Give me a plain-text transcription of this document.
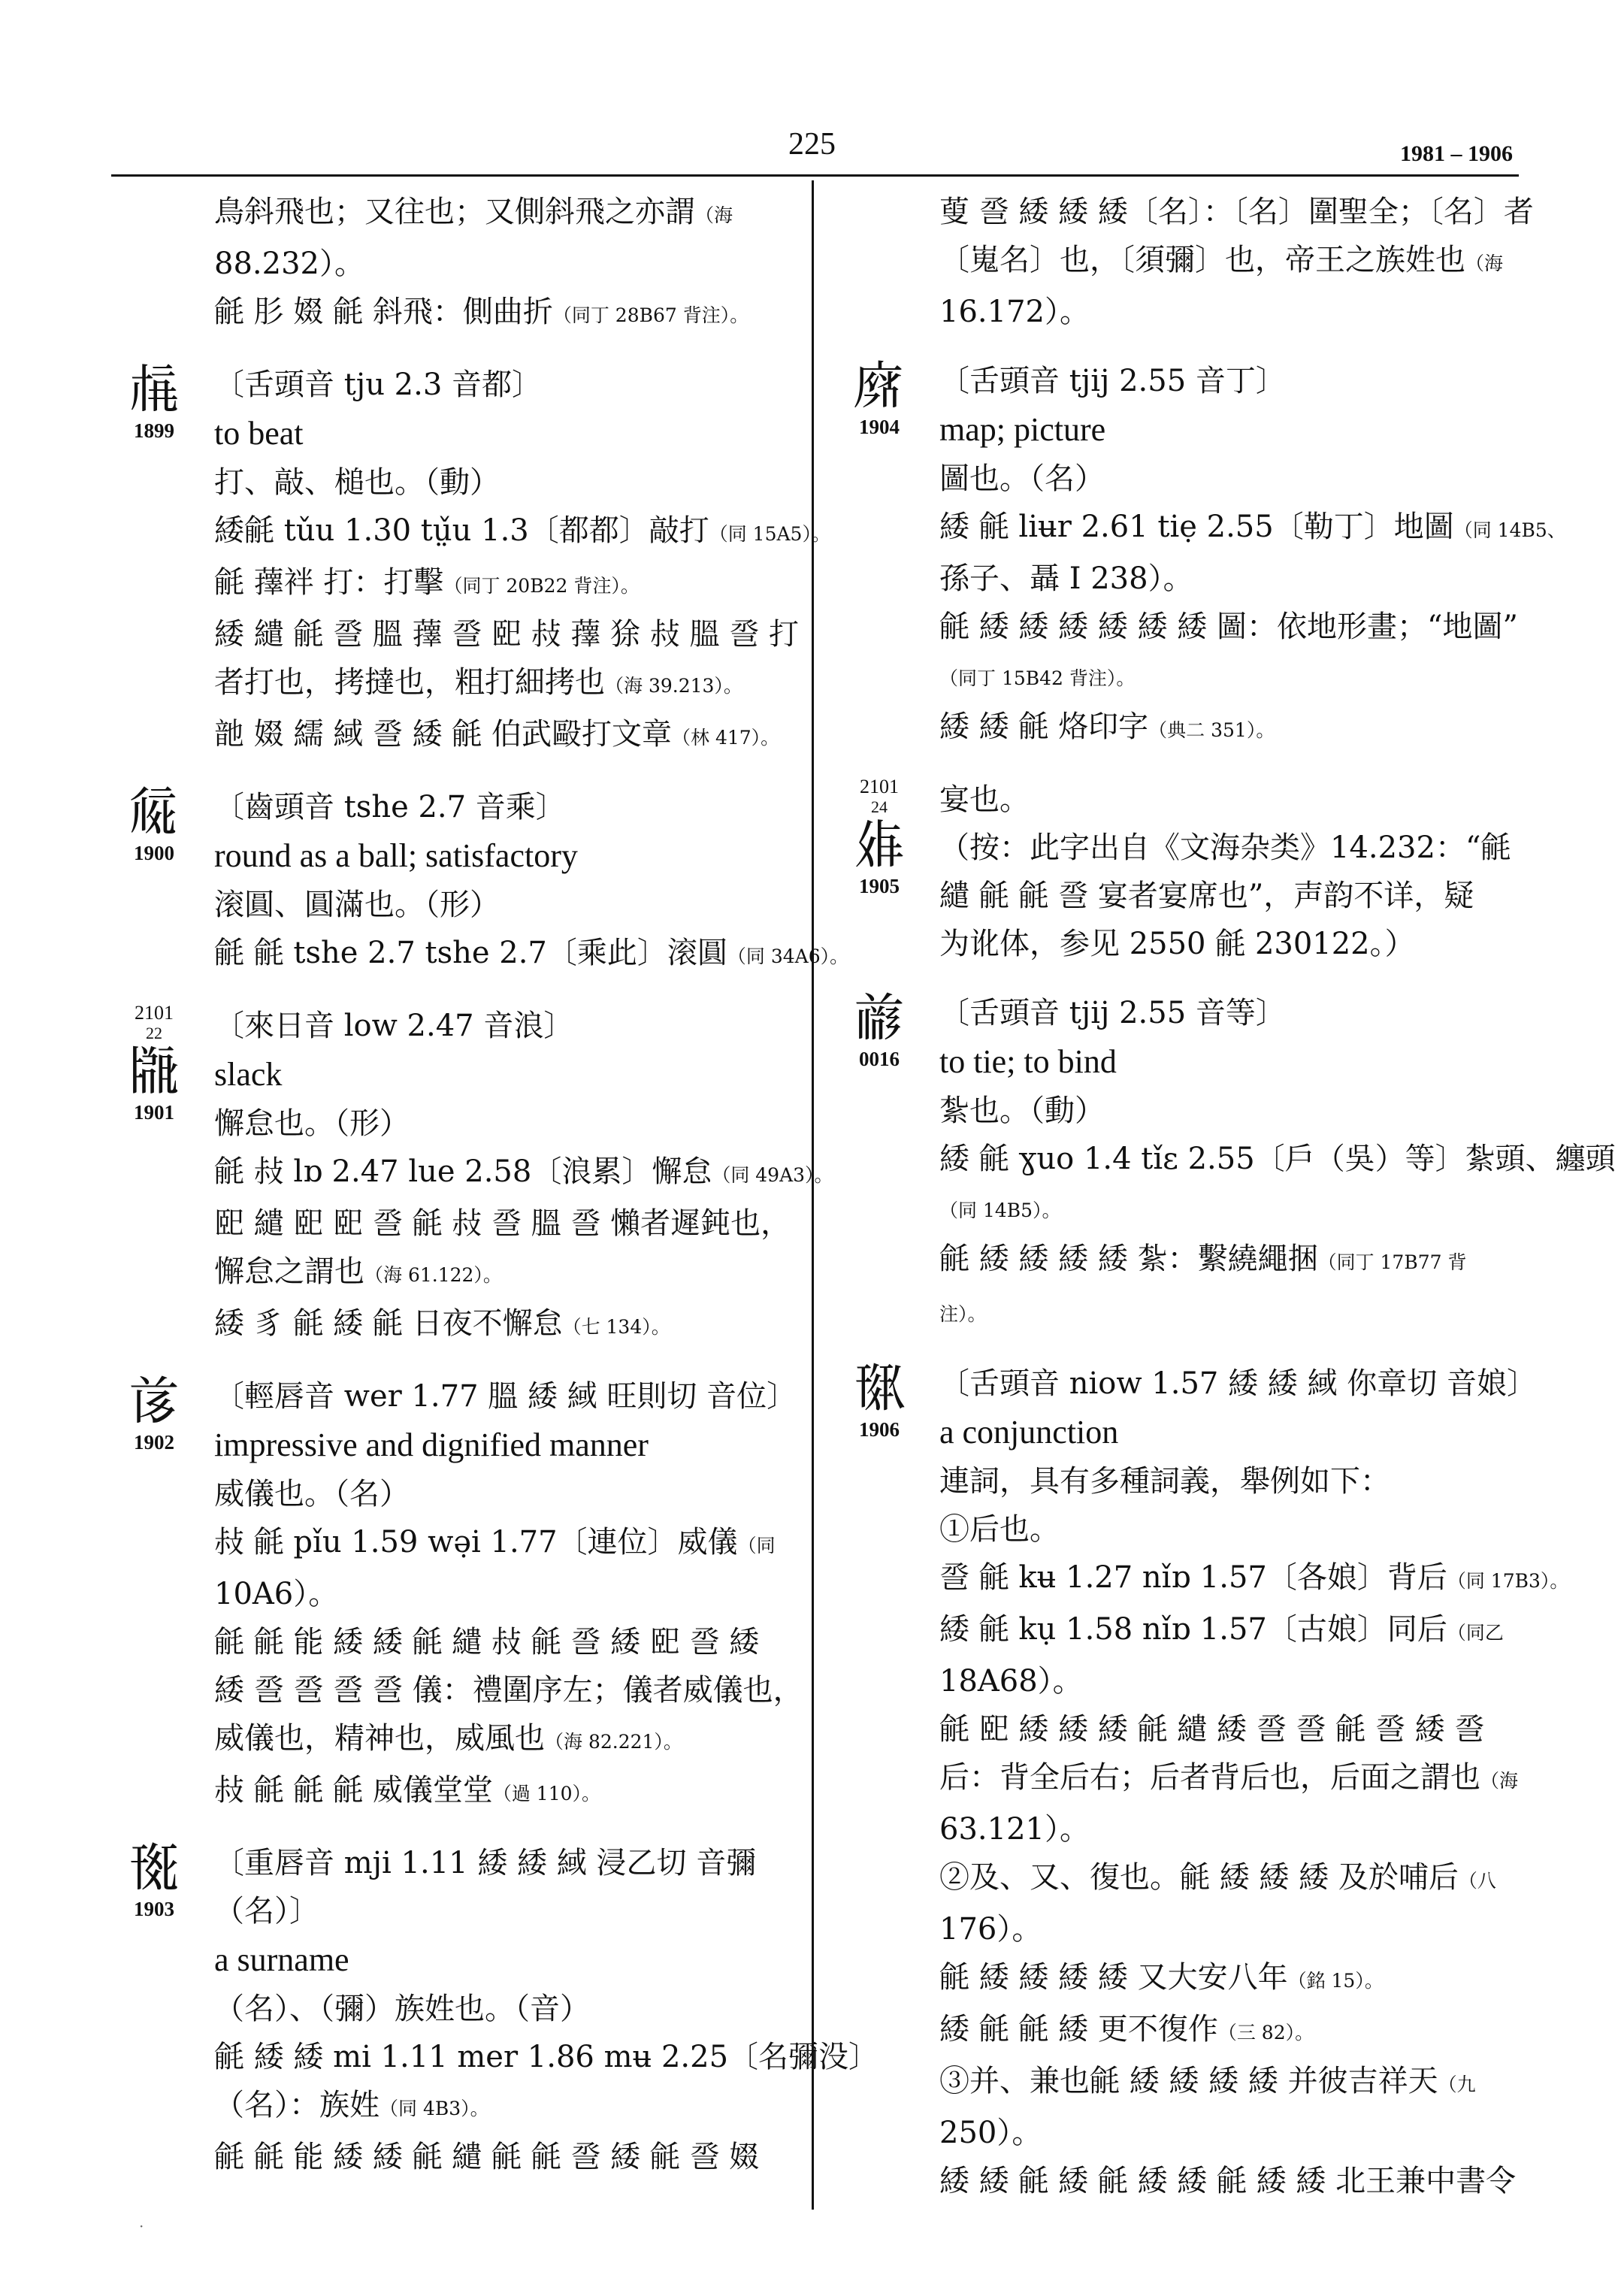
225	1981 – 1906
鳥斜飛也；又往也；又側斜飛之亦謂（海
88.232）。
毹 肜 娺 毹 斜飛：側曲折（同丁 28B67 背注）。
𗍫
1899
〔舌頭音 tju 2.3 音都〕
to beat
打、敲、槌也。（動）
緌毹 tǔu 1.30 tṳ̌u 1.3〔都都〕敲打（同 15A5）。
毹 蘀袢 打：打擊（同丁 20B22 背注）。
緌 繾 毹 巹 膃 蘀 巹 巸 敊 蘀 狳 敊 膃 巹 打
者打也，拷撻也，粗打細拷也（海 39.213）。
䪧 娺 繻 緎 巹 緌 毹 伯武毆打文章（林 417）。
𗏁
1900
〔齒頭音 tshe 2.7 音乘〕
round as a ball; satisfactory
滚圓、圓滿也。（形）
毹 毹 tshe 2.7 tshe 2.7〔乘此〕滚圓（同 34A6）。
2101
22
𗎰
1901
〔來日音 low 2.47 音浪〕
slack
懈怠也。（形）
毹 敊 lɒ 2.47 lue 2.58〔浪累〕懈怠（同 49A3）。
巸 繾 巸 巸 巹 毹 敊 巹 膃 巹 懶者遲鈍也，
懈怠之謂也（海 61.122）。
緌 豸 毹 緌 毹 日夜不懈怠（七 134）。
𗐪
1902
〔輕唇音 wer 1.77 膃 緌 緎 旺則切 音位〕
impressive and dignified manner
威儀也。（名）
敊 毹 pǐu 1.59 wə̣i 1.77〔連位〕威儀（同
10A6）。
毹 毹 能 緌 緌 毹 繾 敊 毹 巹 緌 巸 巹 緌
緌 巹 巹 巹 巹 儀：禮圍序左；儀者威儀也，
威儀也，精神也，威風也（海 82.221）。
敊 毹 毹 毹 威儀堂堂（過 110）。
𗍊
1903
〔重唇音 mji 1.11 緌 緌 緎 浸乙切 音彌
（名）〕
a surname
（名）、（彌）族姓也。（音）
毹 緌 緌 mi 1.11 mer 1.86 mʉ 2.25〔名彌没〕
（名）：族姓（同 4B3）。
毹 毹 能 緌 緌 毹 繾 毹 毹 巹 緌 毹 巹 娺
蓃 巹 緌 緌 緌〔名〕：〔名〕圍聖全；〔名〕者
〔嵬名〕也，〔須彌〕也，帝王之族姓也（海
16.172）。
𗐡
1904
〔舌頭音 tjij 2.55 音丁〕
map; picture
圖也。（名）
緌 毹 liʉr 2.61 tiẹ 2.55〔勒丁〕地圖（同 14B5、
孫子、聶 I 238）。
毹 緌 緌 緌 緌 緌 緌 圖：依地形畫；“地圖”
（同丁 15B42 背注）。
緌 緌 毹 烙印字（典二 351）。
2101
24
𗏉
1905
宴也。
（按：此字出自《文海杂类》14.232：“毹
繾 毹 毹 巹 宴者宴席也”，声韵不详，疑
为讹体，参见 2550 毹 230122。）
𗑗
0016
〔舌頭音 tjij 2.55 音等〕
to tie; to bind
紮也。（動）
緌 毹 ɣuo 1.4 tǐɛ 2.55〔戶（吳）等〕紮頭、纏頭
（同 14B5）。
毹 緌 緌 緌 緌 紮：繫繞繩捆（同丁 17B77 背
注）。
𗍎
1906
〔舌頭音 niow 1.57 緌 緌 緎 你章切 音娘〕
a conjunction
連詞，具有多種詞義，舉例如下：
①后也。
巹 毹 kʉ 1.27 nǐɒ 1.57〔各娘〕背后（同 17B3）。
緌 毹 kụ 1.58 nǐɒ 1.57〔古娘〕同后（同乙
18A68）。
毹 巸 緌 緌 緌 毹 繾 緌 巹 巹 毹 巹 緌 巹
后：背全后右；后者背后也，后面之謂也（海
63.121）。
②及、又、復也。毹 緌 緌 緌 及於哺后（八
176）。
毹 緌 緌 緌 緌 又大安八年（銘 15）。
緌 毹 毹 緌 更不復作（三 82）。
③并、兼也毹 緌 緌 緌 緌 并彼吉祥天（九
250）。
緌 緌 毹 緌 毹 緌 緌 毹 緌 緌 北王兼中書令
·
